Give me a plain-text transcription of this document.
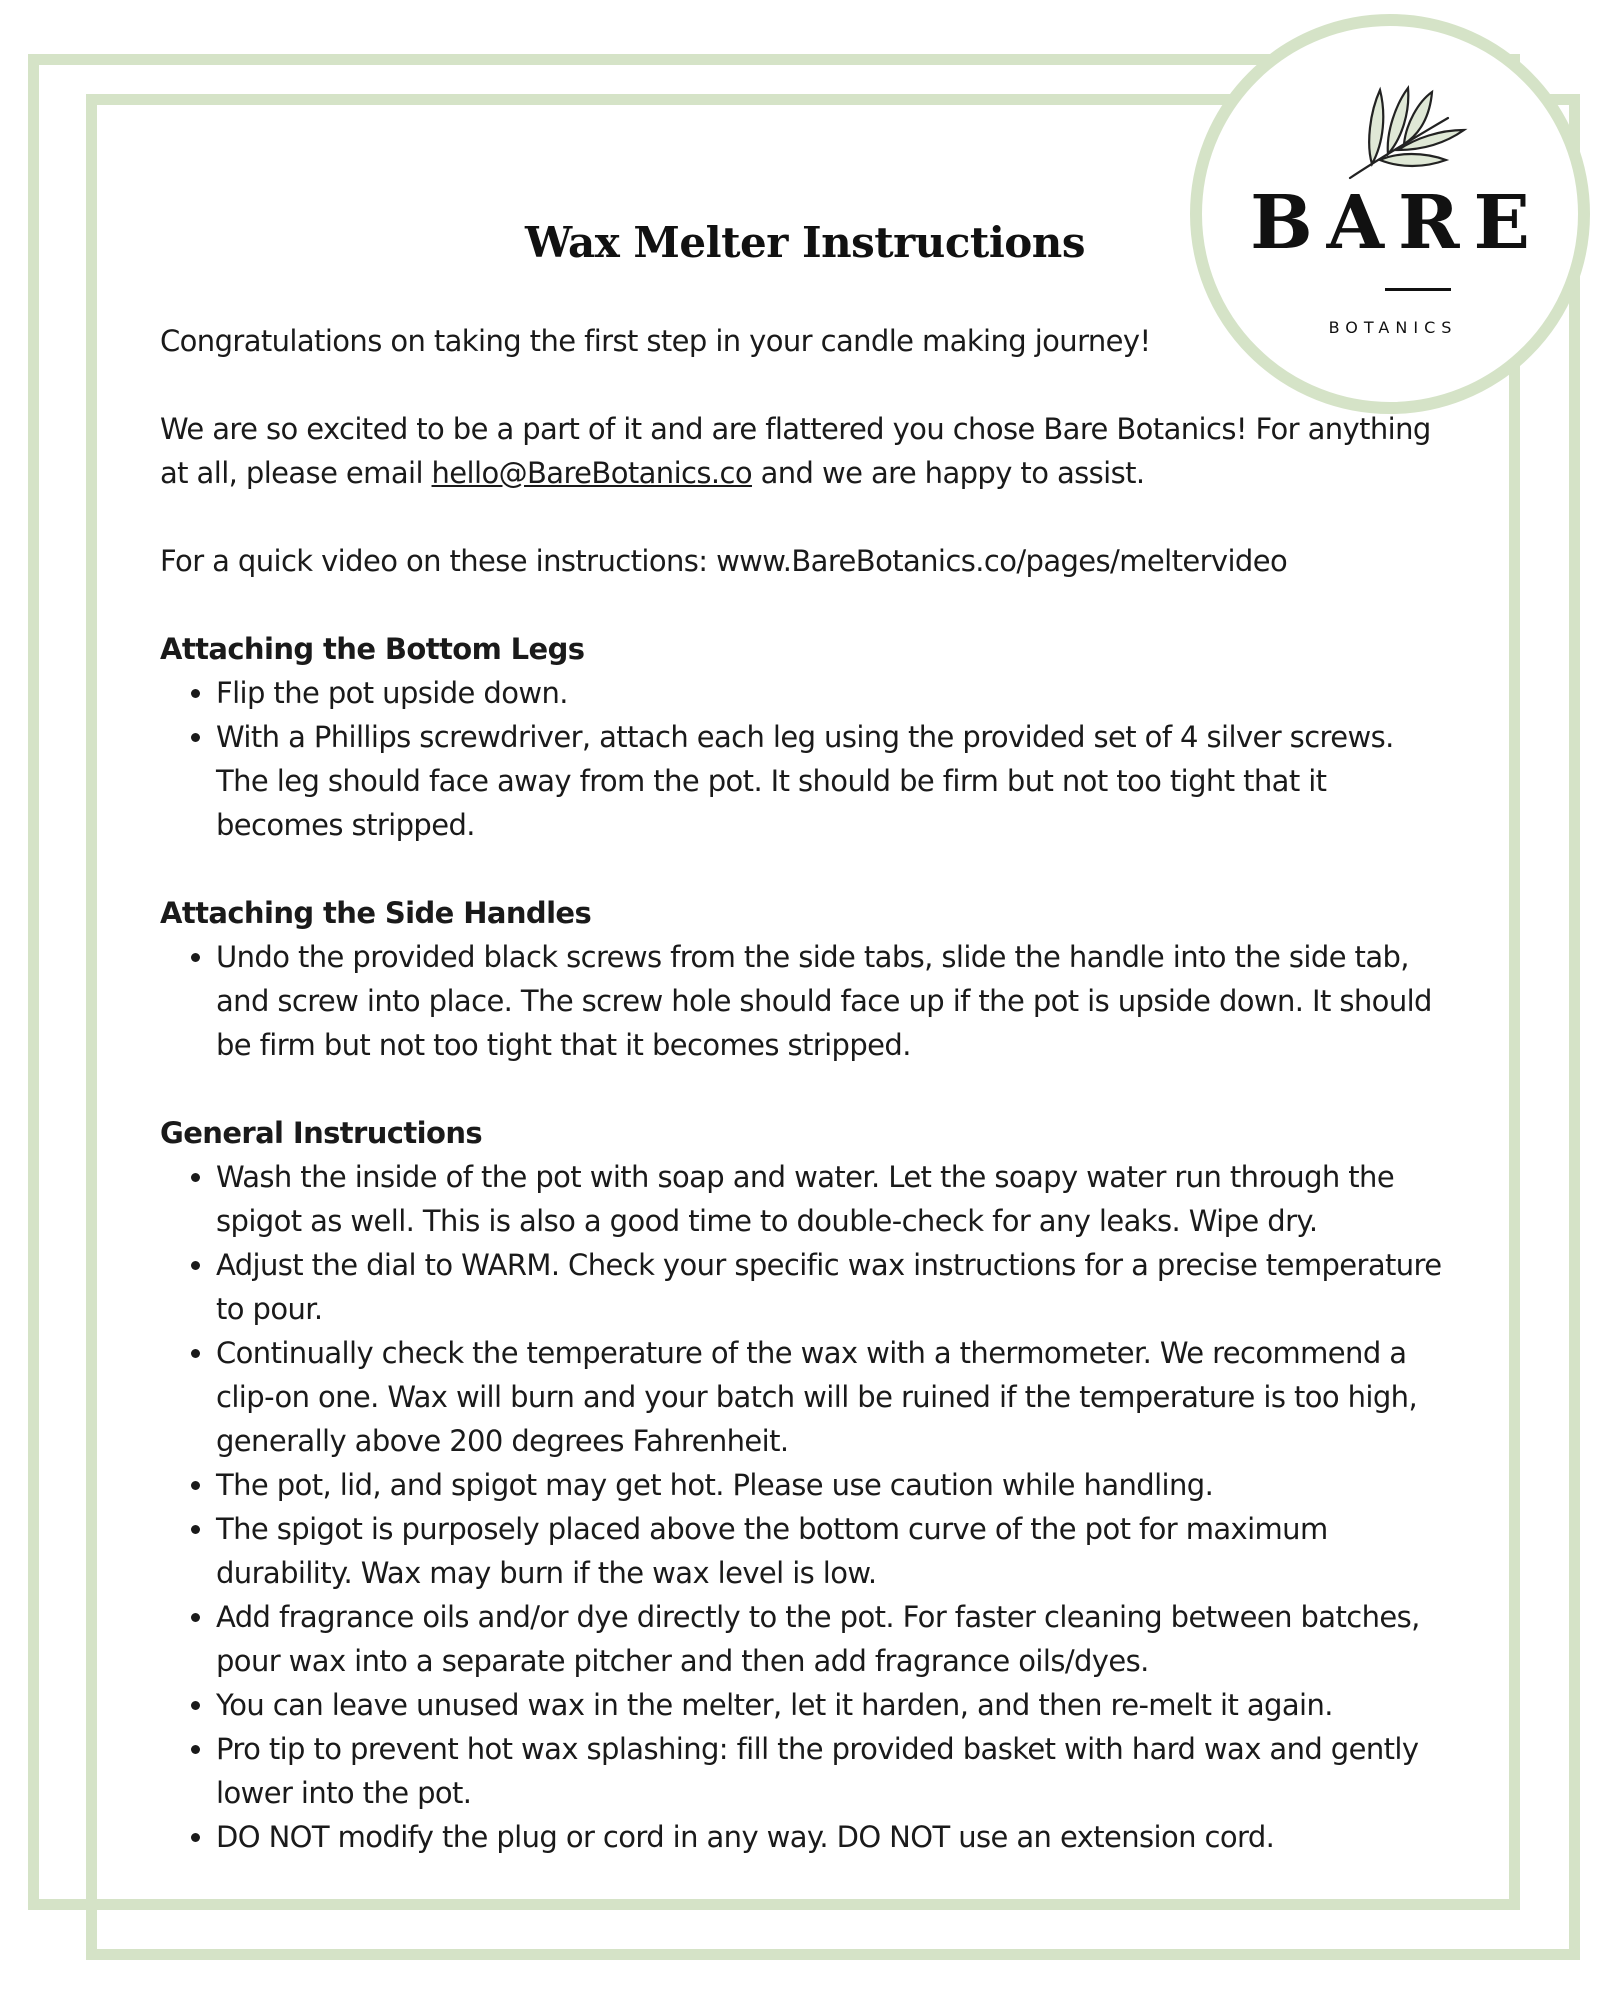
BARE
BOTANICS
Wax Melter Instructions

Congratulations on taking the first step in your candle making journey!

We are so excited to be a part of it and are flattered you chose Bare Botanics! For anything at all, please email hello@BareBotanics.co and we are happy to assist.

For a quick video on these instructions: www.BareBotanics.co/pages/meltervideo

Attaching the Bottom Legs
• Flip the pot upside down.
• With a Phillips screwdriver, attach each leg using the provided set of 4 silver screws. The leg should face away from the pot. It should be firm but not too tight that it becomes stripped.
Attaching the Side Handles
• Undo the provided black screws from the side tabs, slide the handle into the side tab, and screw into place. The screw hole should face up if the pot is upside down. It should be firm but not too tight that it becomes stripped.
General Instructions
• Wash the inside of the pot with soap and water. Let the soapy water run through the spigot as well. This is also a good time to double-check for any leaks. Wipe dry.
• Adjust the dial to WARM. Check your specific wax instructions for a precise temperature to pour.
• Continually check the temperature of the wax with a thermometer. We recommend a clip-on one. Wax will burn and your batch will be ruined if the temperature is too high, generally above 200 degrees Fahrenheit.
• The pot, lid, and spigot may get hot. Please use caution while handling.
• The spigot is purposely placed above the bottom curve of the pot for maximum durability. Wax may burn if the wax level is low.
• Add fragrance oils and/or dye directly to the pot. For faster cleaning between batches, pour wax into a separate pitcher and then add fragrance oils/dyes.
• You can leave unused wax in the melter, let it harden, and then re-melt it again.
• Pro tip to prevent hot wax splashing: fill the provided basket with hard wax and gently lower into the pot.
• DO NOT modify the plug or cord in any way. DO NOT use an extension cord.
